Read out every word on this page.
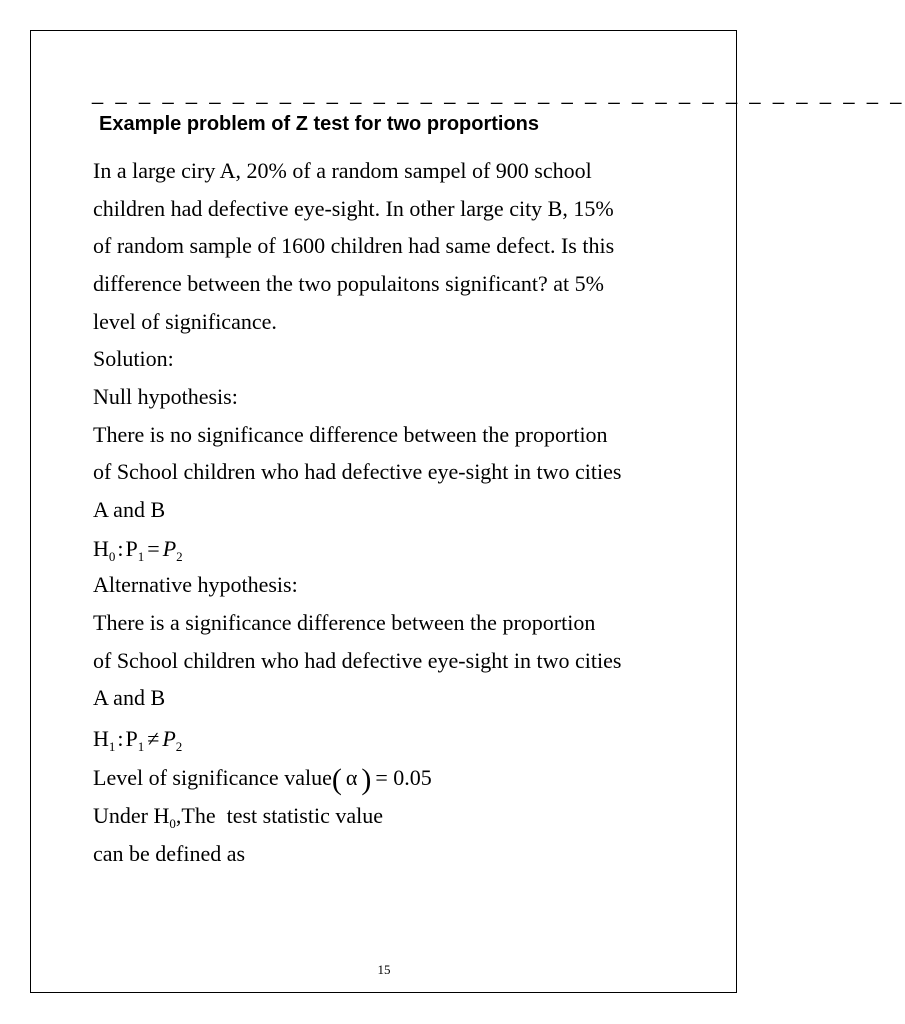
_ _ _ _ _ _ _ _ _ _ _ _ _ _ _ _ _ _ _ _ _ _ _ _ _ _ _ _ _ _ _ _ _ _ _
Example problem of Z test for two proportions
In a large ciry A, 20% of a random sampel of 900 school
children had defective eye-sight. In other large city B, 15%
of random sample of 1600 children had same defect. Is this
difference between the two populaitons significant? at 5%
level of significance.
Solution:
Null hypothesis:
There is no significance difference between the proportion
of School children who had defective eye-sight in two cities
A and B
$H_0:P_1 = P_2$
Alternative hypothesis:
There is a significance difference between the proportion
of School children who had defective eye-sight in two cities
A and B
$H_1:P_1 \ne P_2$
Level of significance value( α ) = 0.05
Under $H_0,The$  test statistic value
can be defined as
15
